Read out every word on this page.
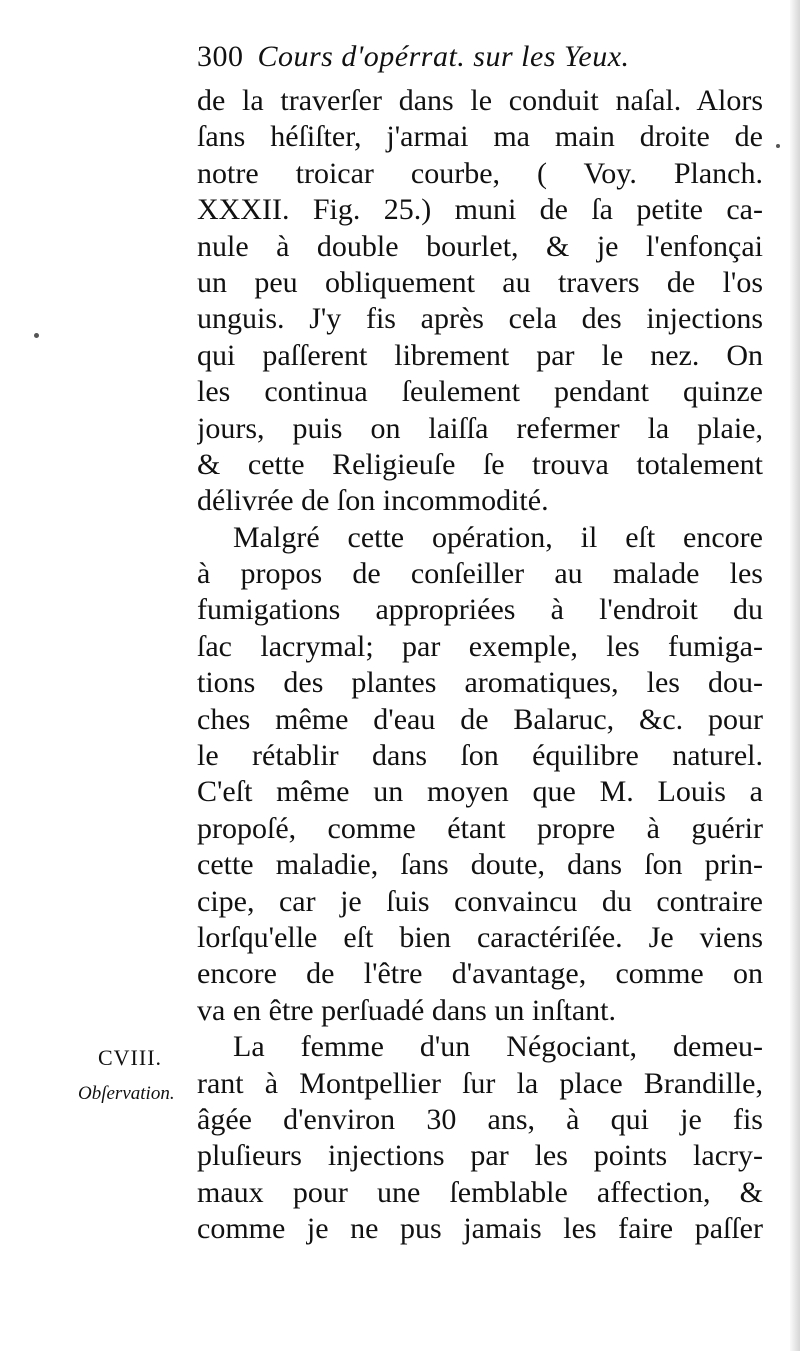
300 Cours d'opérrat. sur les Yeux.
de la traverſer dans le conduit naſal. Alors
ſans héſiſter, j'armai ma main droite de
notre troicar courbe, ( Voy. Planch.
XXXII. Fig. 25.) muni de ſa petite ca-
nule à double bourlet, & je l'enfonçai
un peu obliquement au travers de l'os
unguis. J'y fis après cela des injections
qui paſſerent librement par le nez. On
les continua ſeulement pendant quinze
jours, puis on laiſſa refermer la plaie,
& cette Religieuſe ſe trouva totalement
délivrée de ſon incommodité.
Malgré cette opération, il eſt encore
à propos de conſeiller au malade les
fumigations appropriées à l'endroit du
ſac lacrymal; par exemple, les fumiga-
tions des plantes aromatiques, les dou-
ches même d'eau de Balaruc, &c. pour
le rétablir dans ſon équilibre naturel.
C'eſt même un moyen que M. Louis a
propoſé, comme étant propre à guérir
cette maladie, ſans doute, dans ſon prin-
cipe, car je ſuis convaincu du contraire
lorſqu'elle eſt bien caractériſée. Je viens
encore de l'être d'avantage, comme on
va en être perſuadé dans un inſtant.
La femme d'un Négociant, demeu-
rant à Montpellier ſur la place Brandille,
âgée d'environ 30 ans, à qui je fis
pluſieurs injections par les points lacry-
maux pour une ſemblable affection, &
comme je ne pus jamais les faire paſſer
CVIII.
Obſervation.
